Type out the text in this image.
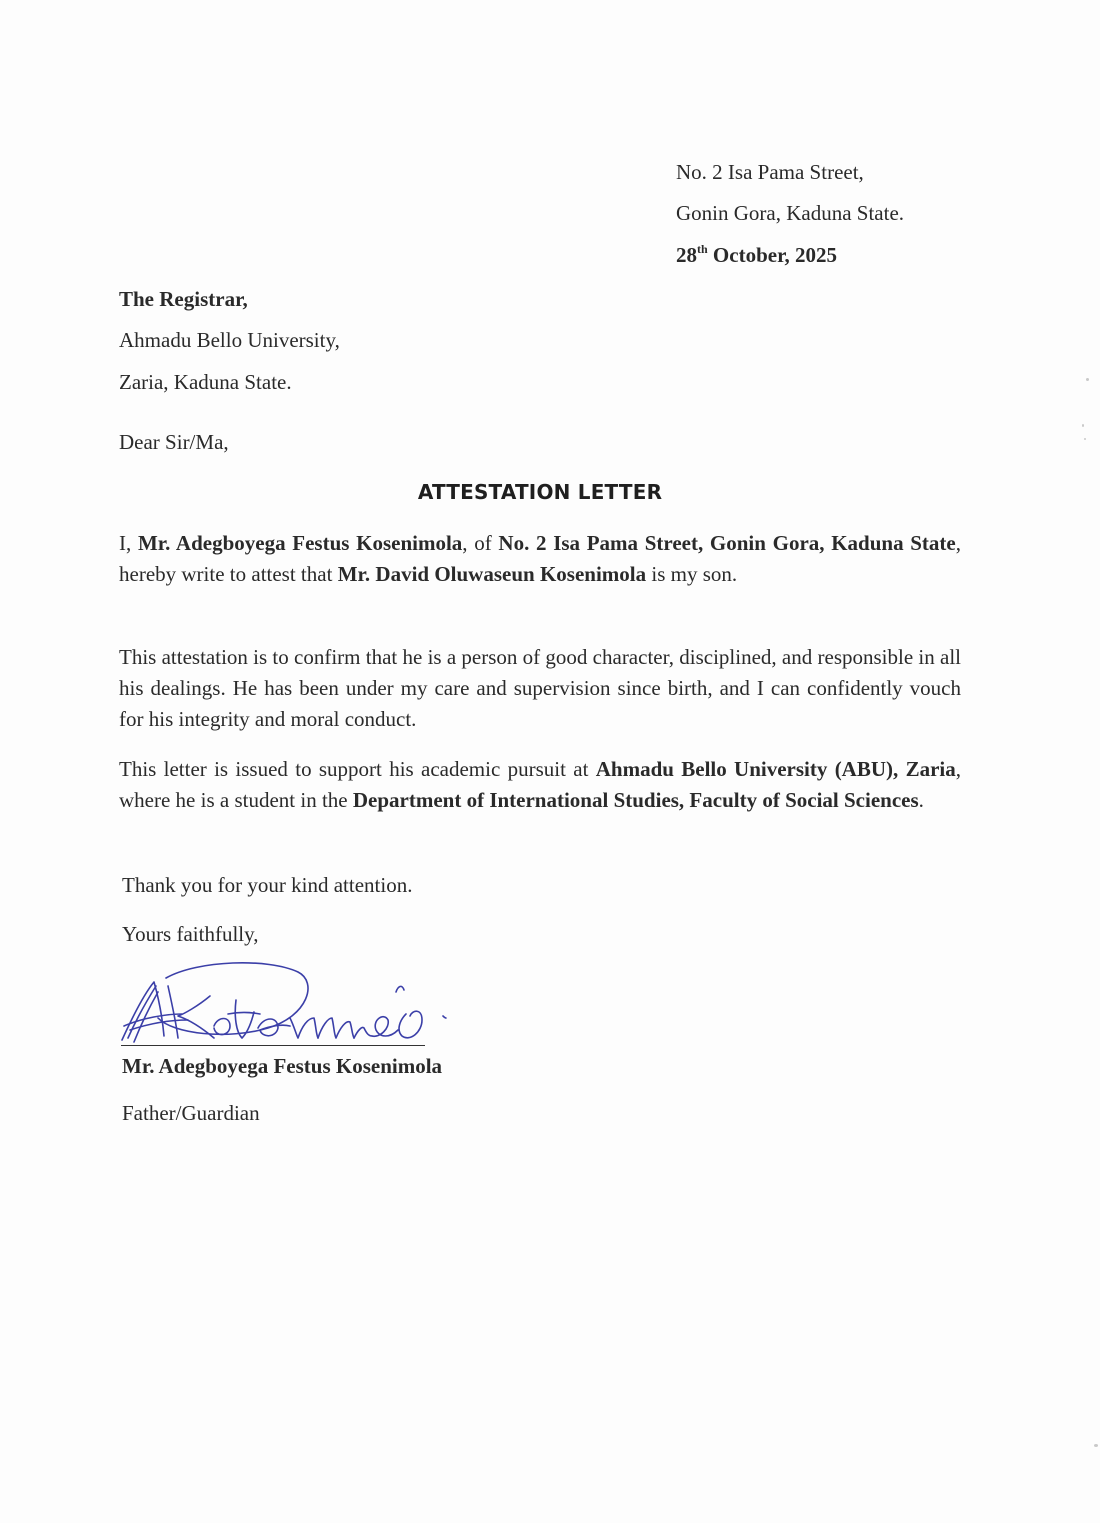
No. 2 Isa Pama Street,
Gonin Gora, Kaduna State.
28th October, 2025
The Registrar,
Ahmadu Bello University,
Zaria, Kaduna State.
Dear Sir/Ma,
ATTESTATION LETTER
I, Mr. Adegboyega Festus Kosenimola, of No. 2 Isa Pama Street, Gonin Gora, Kaduna State, hereby write to attest that Mr. David Oluwaseun Kosenimola is my son.
This attestation is to confirm that he is a person of good character, disciplined, and responsible in all his dealings. He has been under my care and supervision since birth, and I can confidently vouch for his integrity and moral conduct.
This letter is issued to support his academic pursuit at Ahmadu Bello University (ABU), Zaria, where he is a student in the Department of International Studies, Faculty of Social Sciences.
Thank you for your kind attention.
Yours faithfully,
Mr. Adegboyega Festus Kosenimola
Father/Guardian
